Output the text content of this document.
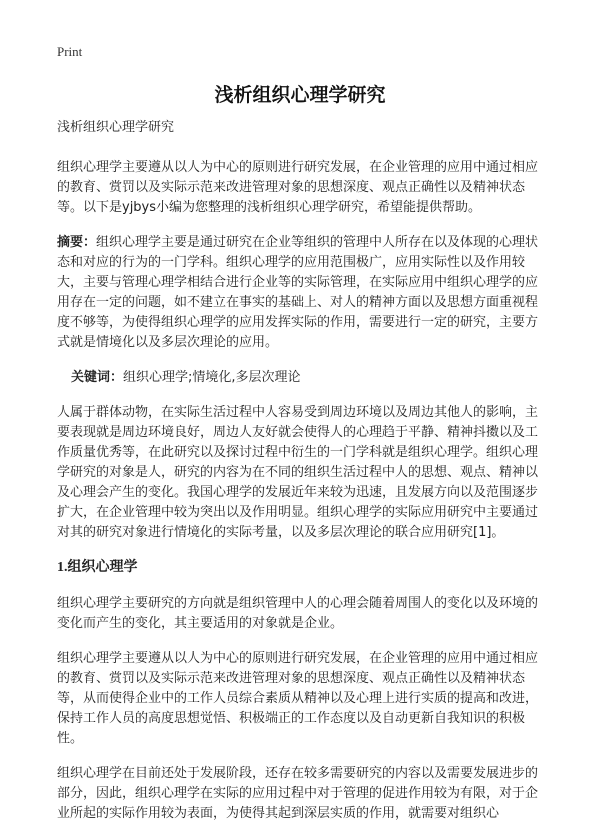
Print
浅析组织心理学研究

浅析组织心理学研究

组织心理学主要遵从以人为中心的原则进行研究发展，在企业管理的应用中通过相应的教育、赏罚以及实际示范来改进管理对象的思想深度、观点正确性以及精神状态等。以下是yjbys小编为您整理的浅析组织心理学研究，希望能提供帮助。

摘要：组织心理学主要是通过研究在企业等组织的管理中人所存在以及体现的心理状态和对应的行为的一门学科。组织心理学的应用范围极广，应用实际性以及作用较大，主要与管理心理学相结合进行企业等的实际管理，在实际应用中组织心理学的应用存在一定的问题，如不建立在事实的基础上、对人的精神方面以及思想方面重视程度不够等，为使得组织心理学的应用发挥实际的作用，需要进行一定的研究，主要方式就是情境化以及多层次理论的应用。

关键词：组织心理学;情境化,多层次理论

人属于群体动物，在实际生活过程中人容易受到周边环境以及周边其他人的影响，主要表现就是周边环境良好，周边人友好就会使得人的心理趋于平静、精神抖擞以及工作质量优秀等，在此研究以及探讨过程中衍生的一门学科就是组织心理学。组织心理学研究的对象是人，研究的内容为在不同的组织生活过程中人的思想、观点、精神以及心理会产生的变化。我国心理学的发展近年来较为迅速，且发展方向以及范围逐步扩大，在企业管理中较为突出以及作用明显。组织心理学的实际应用研究中主要通过对其的研究对象进行情境化的实际考量，以及多层次理论的联合应用研究[1]。

1.组织心理学

组织心理学主要研究的方向就是组织管理中人的心理会随着周围人的变化以及环境的变化而产生的变化，其主要适用的对象就是企业。

组织心理学主要遵从以人为中心的原则进行研究发展，在企业管理的应用中通过相应的教育、赏罚以及实际示范来改进管理对象的思想深度、观点正确性以及精神状态等，从而使得企业中的工作人员综合素质从精神以及心理上进行实质的提高和改进，保持工作人员的高度思想觉悟、积极端正的工作态度以及自动更新自我知识的积极性。

组织心理学在目前还处于发展阶段，还存在较多需要研究的内容以及需要发展进步的部分，因此，组织心理学在实际的应用过程中对于管理的促进作用较为有限，对于企业所起的实际作用较为表面，为使得其起到深层实质的作用，就需要对组织心
